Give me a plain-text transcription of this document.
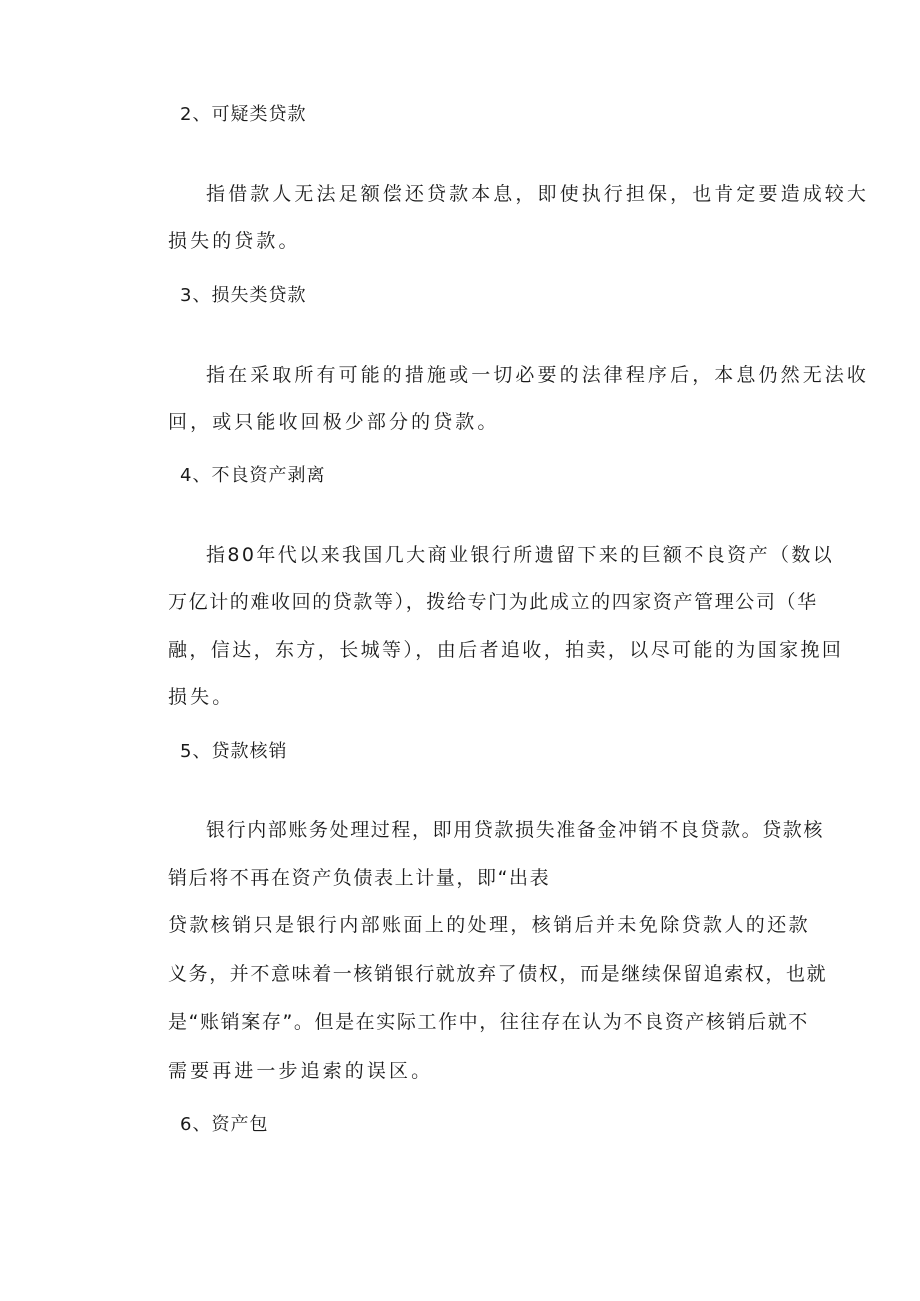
2、可疑类贷款
指借款人无法足额偿还贷款本息，即使执行担保，也肯定要造成较大
损失的贷款。
3、损失类贷款
指在采取所有可能的措施或一切必要的法律程序后，本息仍然无法收
回，或只能收回极少部分的贷款。
4、不良资产剥离
指80年代以来我国几大商业银行所遗留下来的巨额不良资产（数以
万亿计的难收回的贷款等），拨给专门为此成立的四家资产管理公司（华
融，信达，东方，长城等），由后者追收，拍卖，以尽可能的为国家挽回
损失。
5、贷款核销
银行内部账务处理过程，即用贷款损失准备金冲销不良贷款。贷款核
销后将不再在资产负债表上计量，即“出表
贷款核销只是银行内部账面上的处理，核销后并未免除贷款人的还款
义务，并不意味着一核销银行就放弃了债权，而是继续保留追索权，也就
是“账销案存”。但是在实际工作中，往往存在认为不良资产核销后就不
需要再进一步追索的误区。
6、资产包
